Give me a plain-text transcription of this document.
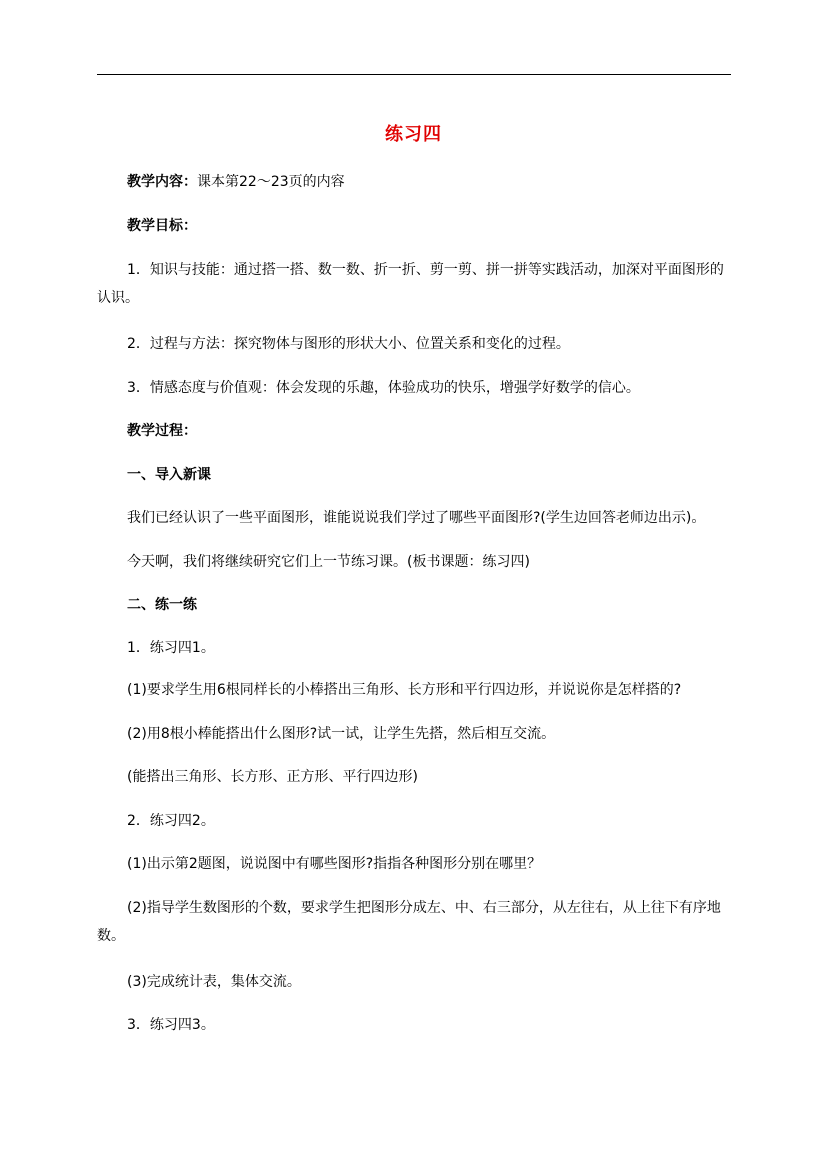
练习四
教学内容：课本第22～23页的内容
教学目标：
1．知识与技能：通过搭一搭、数一数、折一折、剪一剪、拼一拼等实践活动，加深对平面图形的认识。
2．过程与方法：探究物体与图形的形状大小、位置关系和变化的过程。
3．情感态度与价值观：体会发现的乐趣，体验成功的快乐，增强学好数学的信心。
教学过程：
一、导入新课
我们已经认识了一些平面图形，谁能说说我们学过了哪些平面图形?(学生边回答老师边出示)。
今天啊，我们将继续研究它们上一节练习课。(板书课题：练习四)
二、练一练
1．练习四1。
(1)要求学生用6根同样长的小棒搭出三角形、长方形和平行四边形，并说说你是怎样搭的?
(2)用8根小棒能搭出什么图形?试一试，让学生先搭，然后相互交流。
(能搭出三角形、长方形、正方形、平行四边形)
2．练习四2。
(1)出示第2题图，说说图中有哪些图形?指指各种图形分别在哪里？
(2)指导学生数图形的个数，要求学生把图形分成左、中、右三部分，从左往右，从上往下有序地数。
(3)完成统计表，集体交流。
3．练习四3。
